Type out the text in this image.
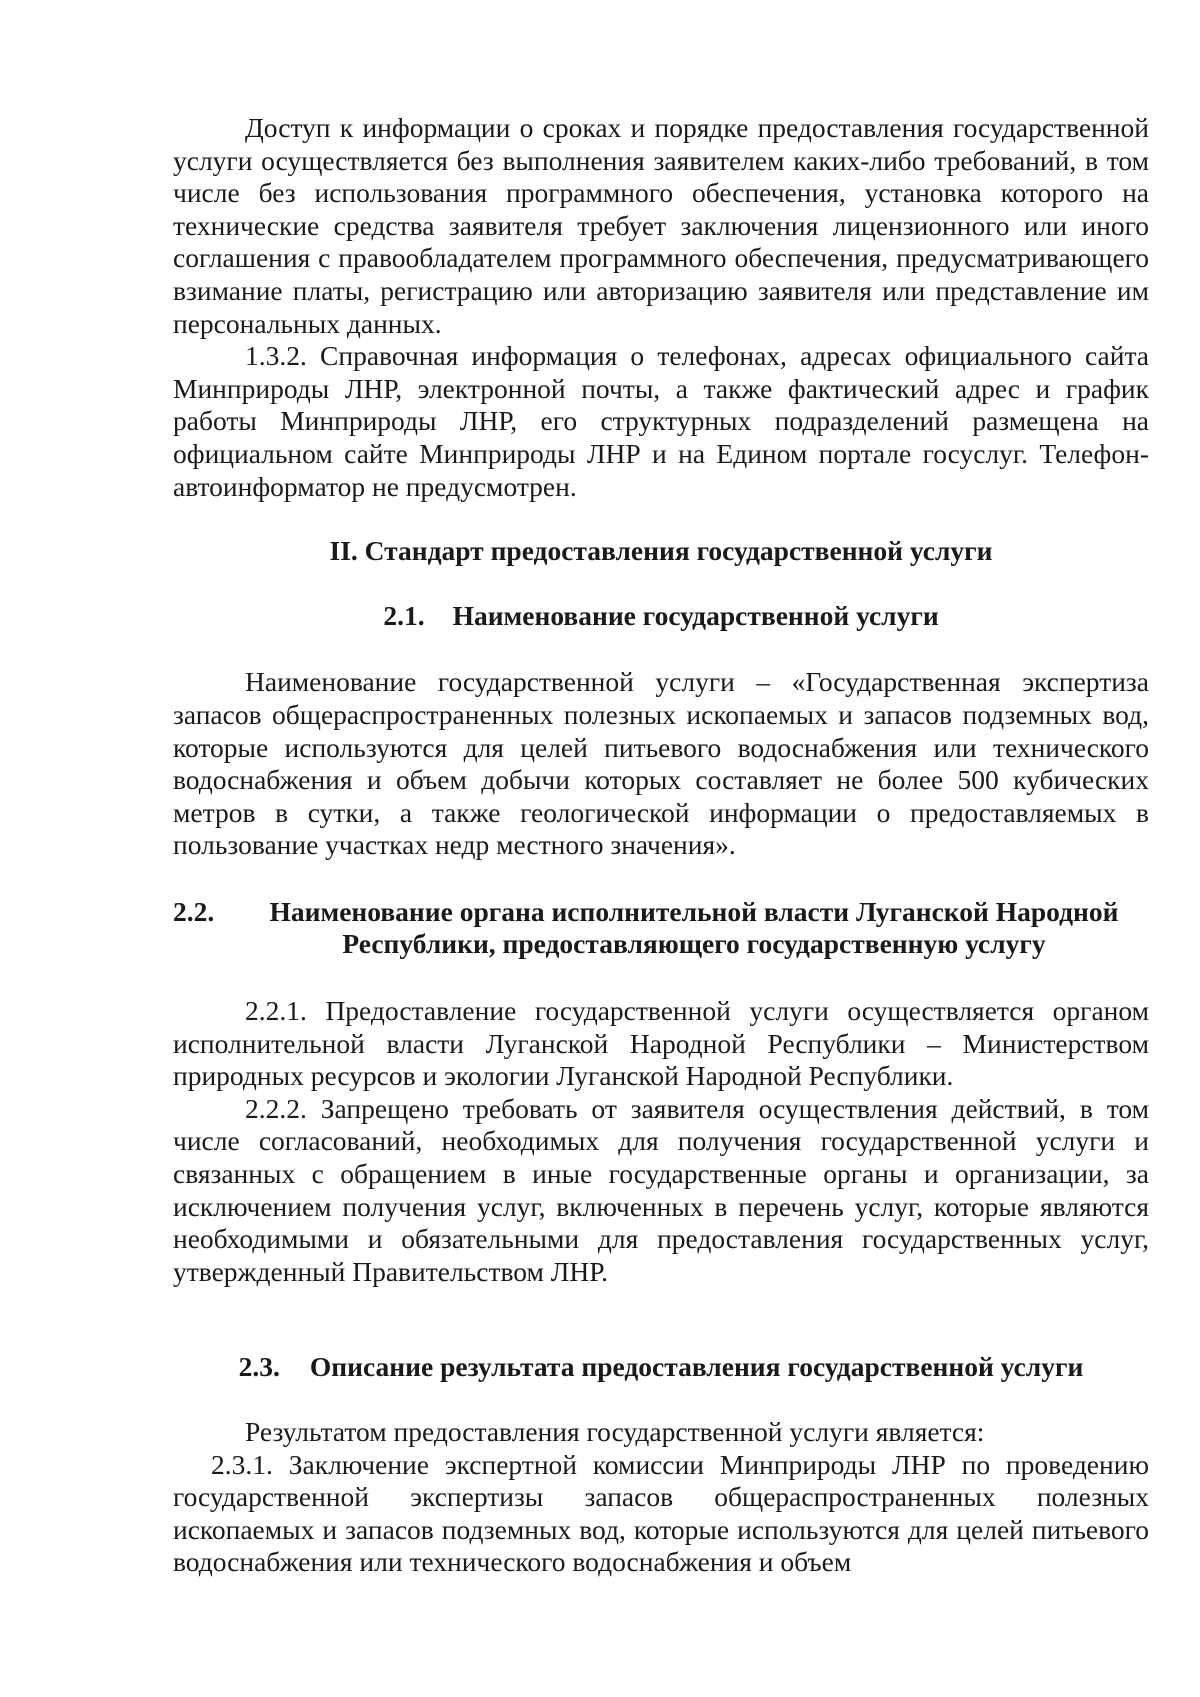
Доступ к информации о сроках и порядке предоставления государственной услуги осуществляется без выполнения заявителем каких-либо требований, в том числе без использования программного обеспечения, установка которого на технические средства заявителя требует заключения лицензионного или иного соглашения с правообладателем программного обеспечения, предусматривающего взимание платы, регистрацию или авторизацию заявителя или представление им персональных данных.

1.3.2. Справочная информация о телефонах, адресах официального сайта Минприроды ЛНР, электронной почты, а также фактический адрес и график работы Минприроды ЛНР, его структурных подразделений размещена на официальном сайте Минприроды ЛНР и на Едином портале госуслуг. Телефон-автоинформатор не предусмотрен.

II. Стандарт предоставления государственной услуги

2.1. Наименование государственной услуги

Наименование государственной услуги – «Государственная экспертиза запасов общераспространенных полезных ископаемых и запасов подземных вод, которые используются для целей питьевого водоснабжения или технического водоснабжения и объем добычи которых составляет не более 500 кубических метров в сутки, а также геологической информации о предоставляемых в пользование участках недр местного значения».

2.2.	Наименование органа исполнительной власти Луганской Народной Республики, предоставляющего государственную услугу

2.2.1. Предоставление государственной услуги осуществляется органом исполнительной власти Луганской Народной Республики – Министерством природных ресурсов и экологии Луганской Народной Республики.

2.2.2. Запрещено требовать от заявителя осуществления действий, в том числе согласований, необходимых для получения государственной услуги и связанных с обращением в иные государственные органы и организации, за исключением получения услуг, включенных в перечень услуг, которые являются необходимыми и обязательными для предоставления государственных услуг, утвержденный Правительством ЛНР.

2.3. Описание результата предоставления государственной услуги

Результатом предоставления государственной услуги является:

2.3.1. Заключение экспертной комиссии Минприроды ЛНР по проведению государственной экспертизы запасов общераспространенных полезных ископаемых и запасов подземных вод, которые используются для целей питьевого водоснабжения или технического водоснабжения и объем
